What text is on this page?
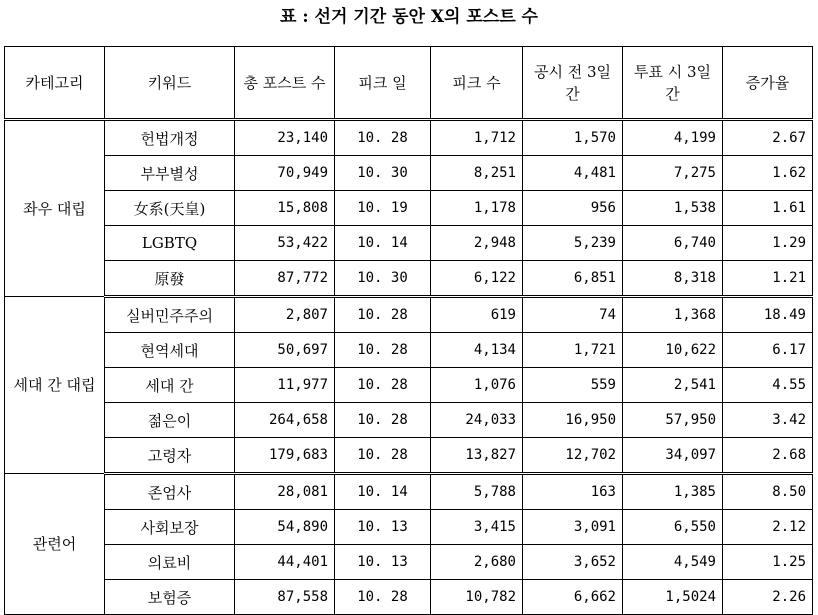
표 : 선거 기간 동안 X의 포스트 수
카테고리	키워드	총 포스트 수	피크 일	피크 수	공시 전 3일간	투표 시 3일간	증가율
좌우 대립	헌법개정	23,140	10. 28	1,712	1,570	4,199	2.67
	부부별성	70,949	10. 30	8,251	4,481	7,275	1.62
	女系(天皇)	15,808	10. 19	1,178	956	1,538	1.61
	LGBTQ	53,422	10. 14	2,948	5,239	6,740	1.29
	原發	87,772	10. 30	6,122	6,851	8,318	1.21
세대 간 대립	실버민주주의	2,807	10. 28	619	74	1,368	18.49
	현역세대	50,697	10. 28	4,134	1,721	10,622	6.17
	세대 간	11,977	10. 28	1,076	559	2,541	4.55
	젊은이	264,658	10. 28	24,033	16,950	57,950	3.42
	고령자	179,683	10. 28	13,827	12,702	34,097	2.68
관련어	존엄사	28,081	10. 14	5,788	163	1,385	8.50
	사회보장	54,890	10. 13	3,415	3,091	6,550	2.12
	의료비	44,401	10. 13	2,680	3,652	4,549	1.25
	보험증	87,558	10. 28	10,782	6,662	1,5024	2.26
